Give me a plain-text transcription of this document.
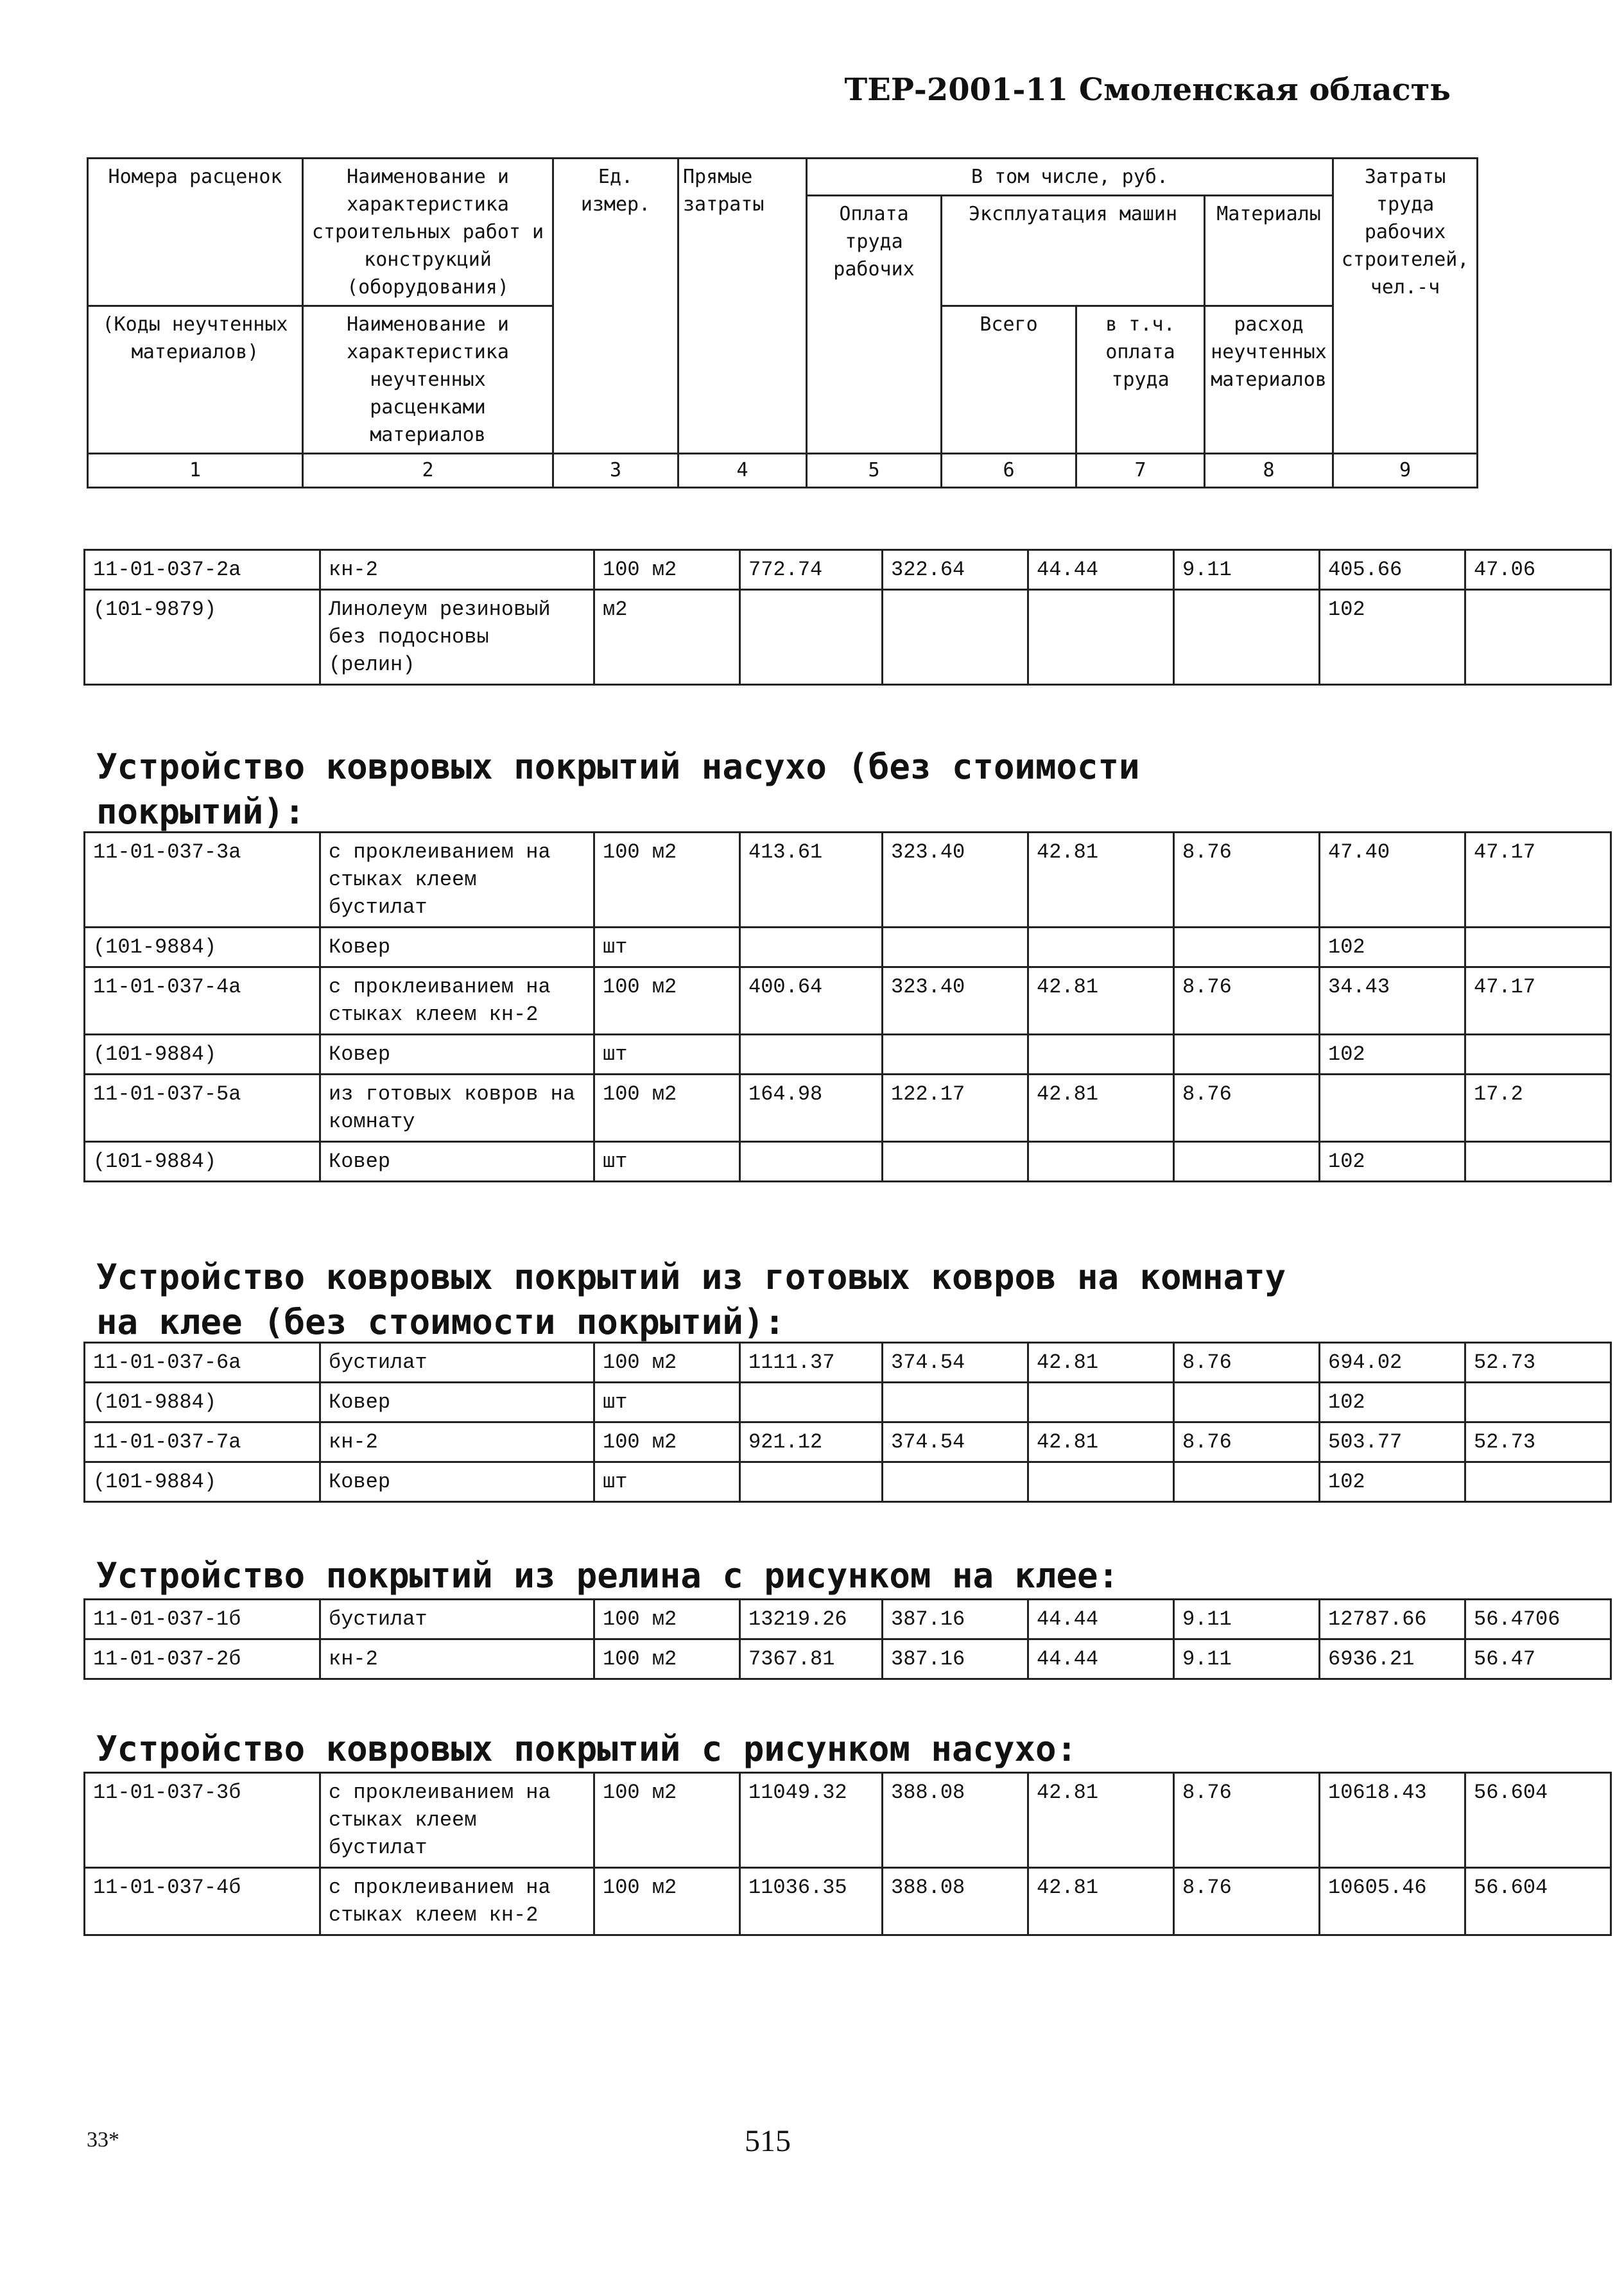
ТЕР-2001-11 Смоленская область
Номера расценок	Наименование и характеристика строительных работ и конструкций (оборудования)	Ед. измер.	Прямые затраты	В том числе, руб.				Затраты труда рабочих строителей, чел.-ч
				Оплата труда рабочих	Эксплуатация машин		Материалы	
(Коды неучтенных материалов)	Наименование и характеристика неучтенных расценками материалов				Всего	в т.ч. оплата труда	расход неучтенных материалов	
1	2	3	4	5	6	7	8	9
Устройство ковровых покрытий насухо (без стоимости
покрытий):
Устройство ковровых покрытий из готовых ковров на комнату
на клее (без стоимости покрытий):
Устройство покрытий из релина с рисунком на клее:
Устройство ковровых покрытий с рисунком насухо:
11-01-037-2а	кн-2	100 м2	772.74	322.64	44.44	9.11	405.66	47.06
(101-9879)	Линолеум резиновый без подосновы (релин)	м2					102	
11-01-037-3а	с проклеиванием на стыках клеем бустилат	100 м2	413.61	323.40	42.81	8.76	47.40	47.17
(101-9884)	Ковер	шт					102	
11-01-037-4а	с проклеиванием на стыках клеем кн-2	100 м2	400.64	323.40	42.81	8.76	34.43	47.17
(101-9884)	Ковер	шт					102	
11-01-037-5а	из готовых ковров на комнату	100 м2	164.98	122.17	42.81	8.76		17.2
(101-9884)	Ковер	шт					102	
11-01-037-6а	бустилат	100 м2	1111.37	374.54	42.81	8.76	694.02	52.73
(101-9884)	Ковер	шт					102	
11-01-037-7а	кн-2	100 м2	921.12	374.54	42.81	8.76	503.77	52.73
(101-9884)	Ковер	шт					102	
11-01-037-1б	бустилат	100 м2	13219.26	387.16	44.44	9.11	12787.66	56.4706
11-01-037-2б	кн-2	100 м2	7367.81	387.16	44.44	9.11	6936.21	56.47
11-01-037-3б	с проклеиванием на стыках клеем бустилат	100 м2	11049.32	388.08	42.81	8.76	10618.43	56.604
11-01-037-4б	с проклеиванием на стыках клеем кн-2	100 м2	11036.35	388.08	42.81	8.76	10605.46	56.604
33*	515
